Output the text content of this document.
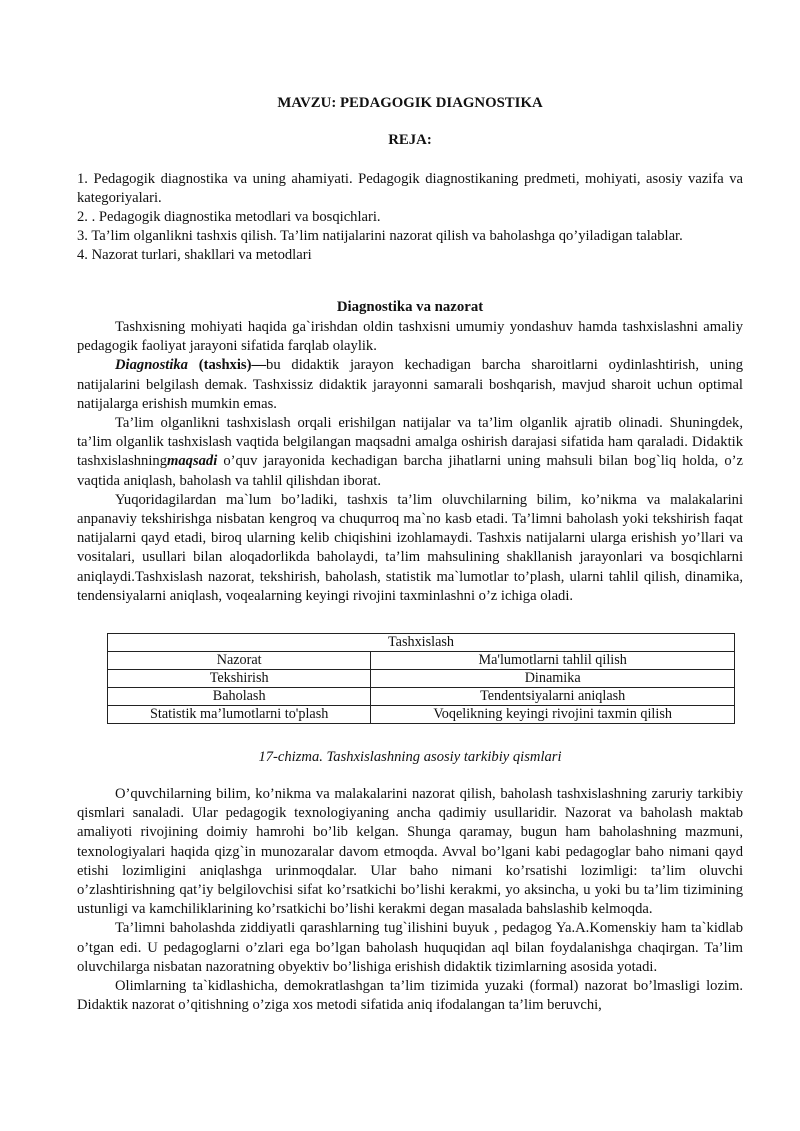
MAVZU: PEDAGOGIK DIAGNOSTIKA
REJA:
1. Pedagogik diagnostika va uning ahamiyati. Pedagogik diagnostikaning predmeti, mohiyati, asosiy vazifa va kategoriyalari.
2. . Pedagogik diagnostika metodlari va bosqichlari.
3. Ta’lim olganlikni tashxis qilish. Ta’lim natijalarini nazorat qilish va baholashga qo’yiladigan talablar.
4. Nazorat turlari, shakllari va metodlari
Diagnostika va nazorat

Tashxisning mohiyati haqida ga`irishdan oldin tashxisni umumiy yondashuv hamda tashxislashni amaliy pedagogik faoliyat jarayoni sifatida farqlab olaylik.

Diagnostika (tashxis)—bu didaktik jarayon kechadigan barcha sharoitlarni oydinlashtirish, uning natijalarini belgilash demak. Tashxissiz didaktik jarayonni samarali boshqarish, mavjud sharoit uchun optimal natijalarga erishish mumkin emas.

Ta’lim olganlikni tashxislash orqali erishilgan natijalar va ta’lim olganlik ajratib olinadi. Shuningdek, ta’lim olganlik tashxislash vaqtida belgilangan maqsadni amalga oshirish darajasi sifatida ham qaraladi. Didaktik tashxislashningmaqsadi o’quv jarayonida kechadigan barcha jihatlarni uning mahsuli bilan bog`liq holda, o’z vaqtida aniqlash, baholash va tahlil qilishdan iborat.

Yuqoridagilardan ma`lum bo’ladiki, tashxis ta’lim oluvchilarning bilim, ko’nikma va malakalarini anpanaviy tekshirishga nisbatan kengroq va chuqurroq ma`no kasb etadi. Ta’limni baholash yoki tekshirish faqat natijalarni qayd etadi, biroq ularning kelib chiqishini izohlamaydi. Tashxis natijalarni ularga erishish yo’llari va vositalari, usullari bilan aloqadorlikda baholaydi, ta’lim mahsulining shakllanish jarayonlari va bosqichlarni aniqlaydi.Tashxislash nazorat, tekshirish, baholash, statistik ma`lumotlar to’plash, ularni tahlil qilish, dinamika, tendensiyalarni aniqlash, voqealarning keyingi rivojini taxminlashni o’z ichiga oladi.

Tashxislash	
Nazorat	Ma'lumotlarni tahlil qilish
Tekshirish	Dinamika
Baholash	Tendentsiyalarni aniqlash
Statistik ma’lumotlarni to'plash	Voqelikning keyingi rivojini taxmin qilish

17-chizma. Tashxislashning asosiy tarkibiy qismlari

O’quvchilarning bilim, ko’nikma va malakalarini nazorat qilish, baholash tashxislashning zaruriy tarkibiy qismlari sanaladi. Ular pedagogik texnologiyaning ancha qadimiy usullaridir. Nazorat va baholash maktab amaliyoti rivojining doimiy hamrohi bo’lib kelgan. Shunga qaramay, bugun ham baholashning mazmuni, texnologiyalari haqida qizg`in munozaralar davom etmoqda. Avval bo’lgani kabi pedagoglar baho nimani qayd etishi lozimligini aniqlashga urinmoqdalar. Ular baho nimani ko’rsatishi lozimligi: ta’lim oluvchi o’zlashtirishning qat’iy belgilovchisi sifat ko’rsatkichi bo’lishi kerakmi, yo aksincha, u yoki bu ta’lim tizimining ustunligi va kamchiliklarining ko’rsatkichi bo’lishi kerakmi degan masalada bahslashib kelmoqda.

Ta’limni baholashda ziddiyatli qarashlarning tug`ilishini buyuk , pedagog Ya.A.Komenskiy ham ta`kidlab o’tgan edi. U pedagoglarni o’zlari ega bo’lgan baholash huquqidan aql bilan foydalanishga chaqirgan. Ta’lim oluvchilarga nisbatan nazoratning obyektiv bo’lishiga erishish didaktik tizimlarning asosida yotadi.

Olimlarning ta`kidlashicha, demokratlashgan ta’lim tizimida yuzaki (formal) nazorat bo’lmasligi lozim. Didaktik nazorat o’qitishning o’ziga xos metodi sifatida aniq ifodalangan ta’lim beruvchi,
